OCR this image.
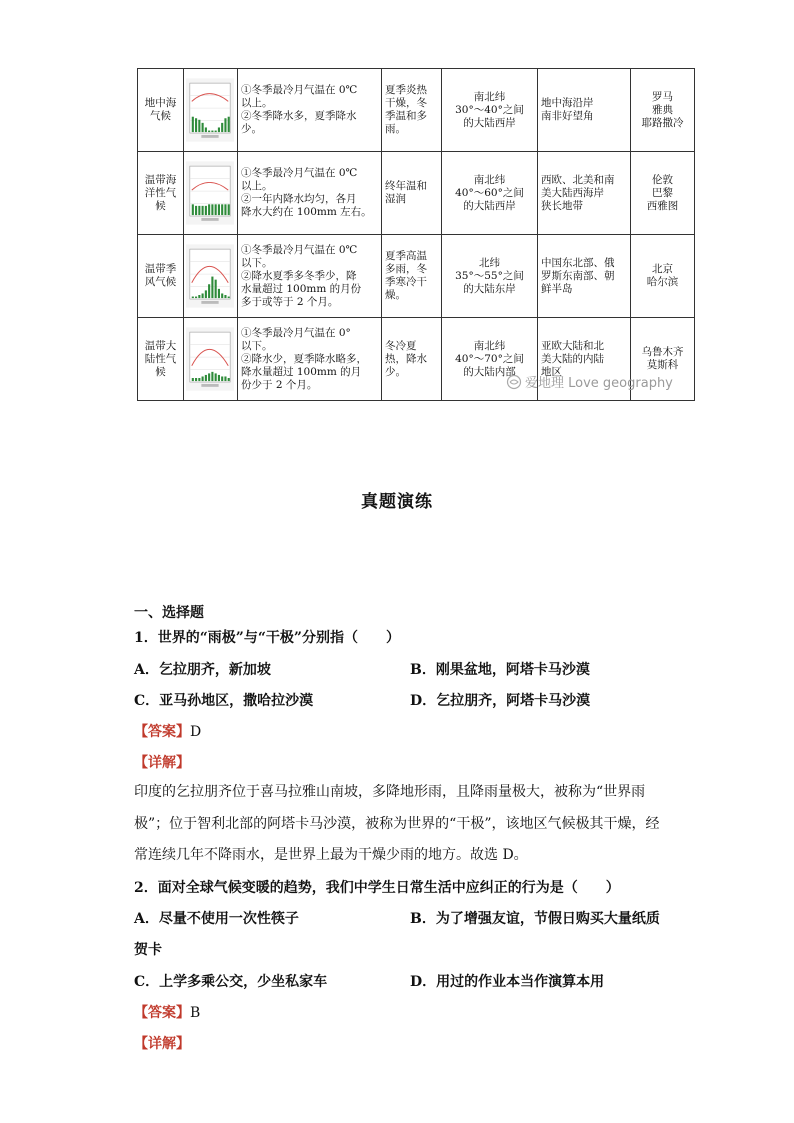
地中海
气候		①冬季最冷月气温在 0℃
以上。
②冬季降水多，夏季降水
少。	夏季炎热
干燥，冬
季温和多
雨。	南北纬
30°～40°之间
的大陆西岸	地中海沿岸
南非好望角	罗马
雅典
耶路撒冷

温带海
洋性气
候		①冬季最冷月气温在 0℃
以上。
②一年内降水均匀，各月
降水大约在 100mm 左右。	终年温和
湿润	南北纬
40°～60°之间
的大陆西岸	西欧、北美和南
美大陆西海岸
狭长地带	伦敦
巴黎
西雅图

温带季
风气候		①冬季最冷月气温在 0℃
以下。
②降水夏季多冬季少，降
水量超过 100mm 的月份
多于或等于 2 个月。	夏季高温
多雨，冬
季寒冷干
燥。	北纬
35°～55°之间
的大陆东岸	中国东北部、俄
罗斯东南部、朝
鲜半岛	北京
哈尔滨

温带大
陆性气
候		①冬季最冷月气温在 0°
以下。
②降水少，夏季降水略多，
降水量超过 100mm 的月
份少于 2 个月。	冬冷夏
热，降水
少。	南北纬
40°～70°之间
的大陆内部	亚欧大陆和北
美大陆的内陆
地区	乌鲁木齐
莫斯科
爱地理 Love geography
真题演练
一、选择题
1．世界的“雨极”与“干极”分别指（　　）
A．乞拉朋齐，新加坡	B．刚果盆地，阿塔卡马沙漠
C．亚马孙地区，撒哈拉沙漠	D．乞拉朋齐，阿塔卡马沙漠
【答案】D
【详解】
印度的乞拉朋齐位于喜马拉雅山南坡，多降地形雨，且降雨量极大，被称为“世界雨极”；位于智利北部的阿塔卡马沙漠，被称为世界的“干极”，该地区气候极其干燥，经常连续几年不降雨水，是世界上最为干燥少雨的地方。故选 D。
2．面对全球气候变暖的趋势，我们中学生日常生活中应纠正的行为是（　　）
A．尽量不使用一次性筷子	B．为了增强友谊，节假日购买大量纸质
贺卡
C．上学多乘公交，少坐私家车	D．用过的作业本当作演算本用
【答案】B
【详解】
